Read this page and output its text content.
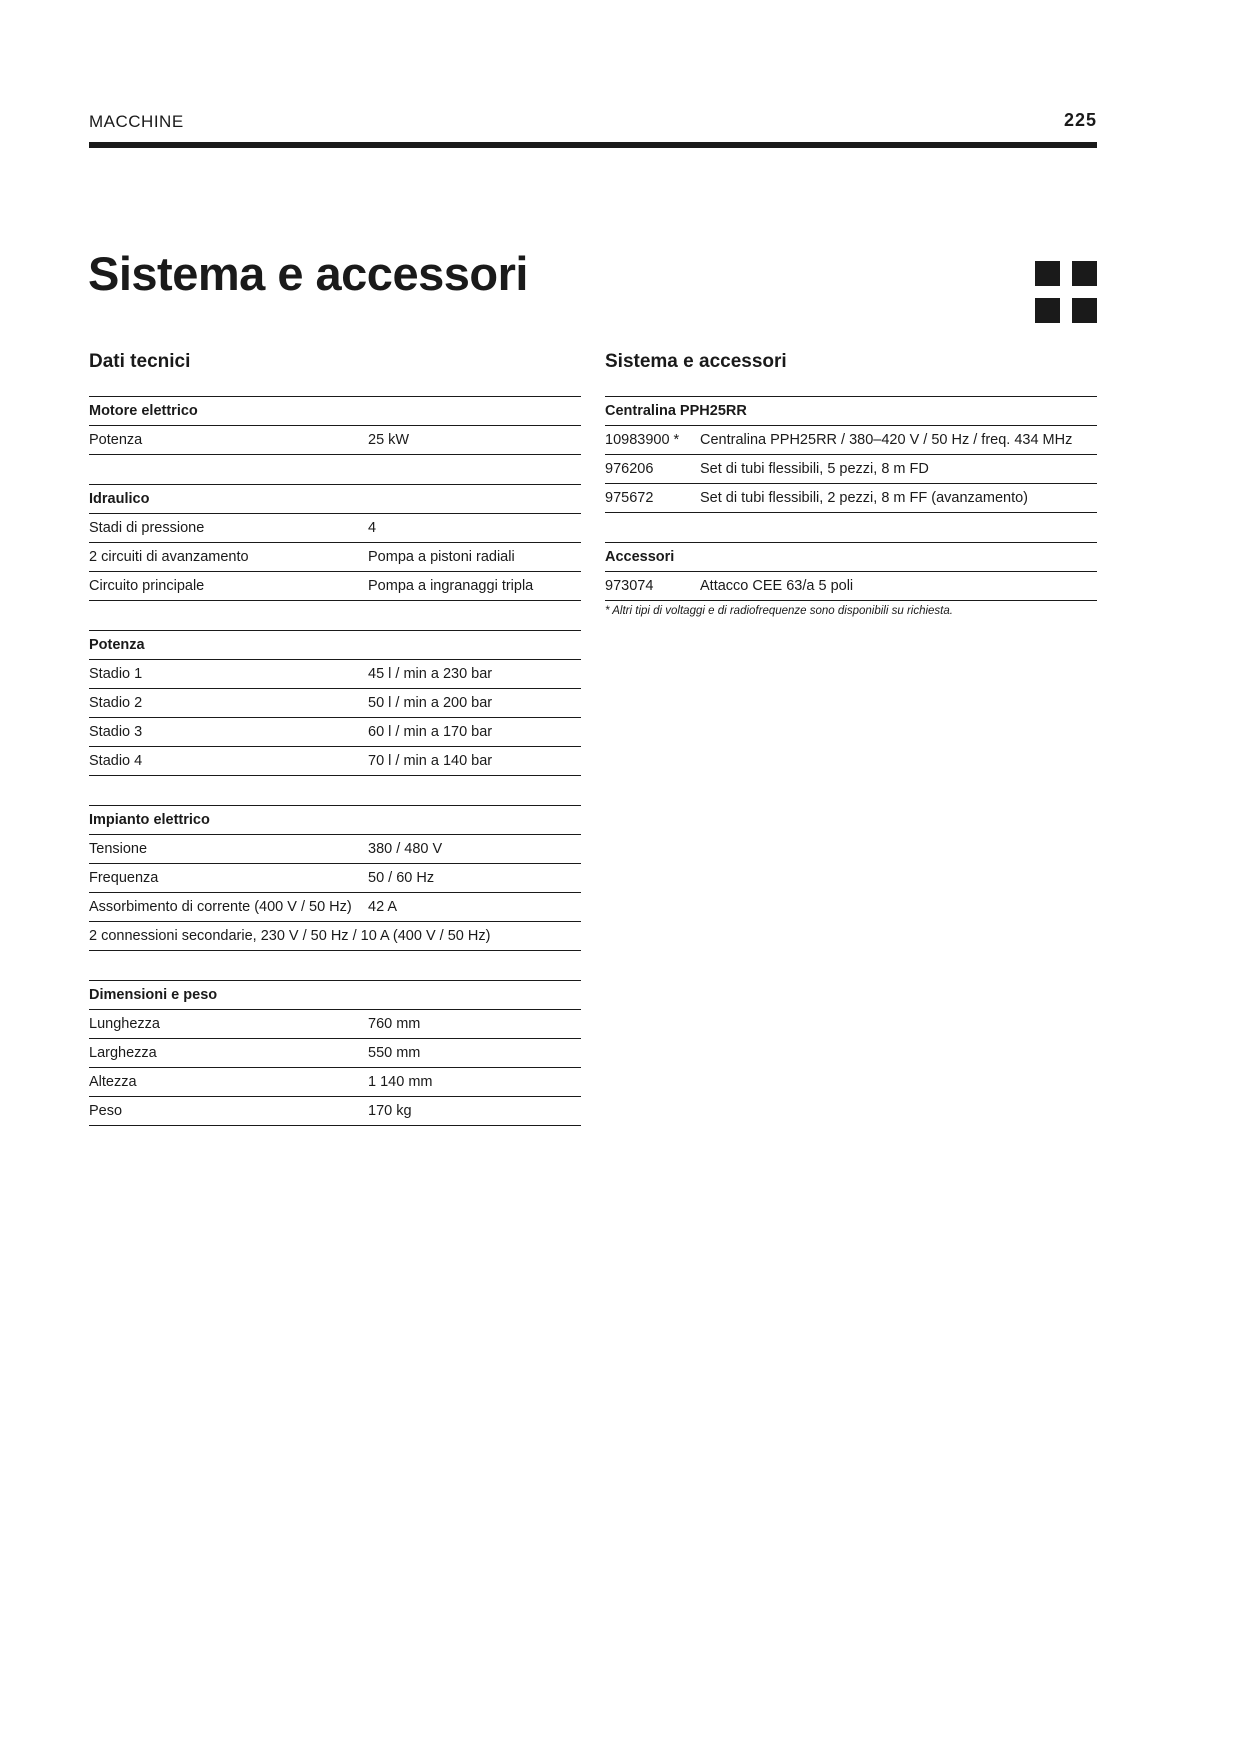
MACCHINE	225
Sistema e accessori
Dati tecnici
Motore elettrico
Potenza	25 kW
Idraulico
Stadi di pressione	4
2 circuiti di avanzamento	Pompa a pistoni radiali
Circuito principale	Pompa a ingranaggi tripla
Potenza
Stadio 1	45 l / min a 230 bar
Stadio 2	50 l / min a 200 bar
Stadio 3	60 l / min a 170 bar
Stadio 4	70 l / min a 140 bar
Impianto elettrico
Tensione	380 / 480 V
Frequenza	50 / 60 Hz
Assorbimento di corrente (400 V / 50 Hz)	42 A
2 connessioni secondarie, 230 V / 50 Hz / 10 A (400 V / 50 Hz)
Dimensioni e peso
Lunghezza	760 mm
Larghezza	550 mm
Altezza	1 140 mm
Peso	170 kg
Sistema e accessori
Centralina PPH25RR
10983900 *	Centralina PPH25RR / 380–420 V / 50 Hz / freq. 434 MHz
976206	Set di tubi flessibili, 5 pezzi, 8 m FD
975672	Set di tubi flessibili, 2 pezzi, 8 m FF (avanzamento)
Accessori
973074	Attacco CEE 63/a 5 poli
* Altri tipi di voltaggi e di radiofrequenze sono disponibili su richiesta.
